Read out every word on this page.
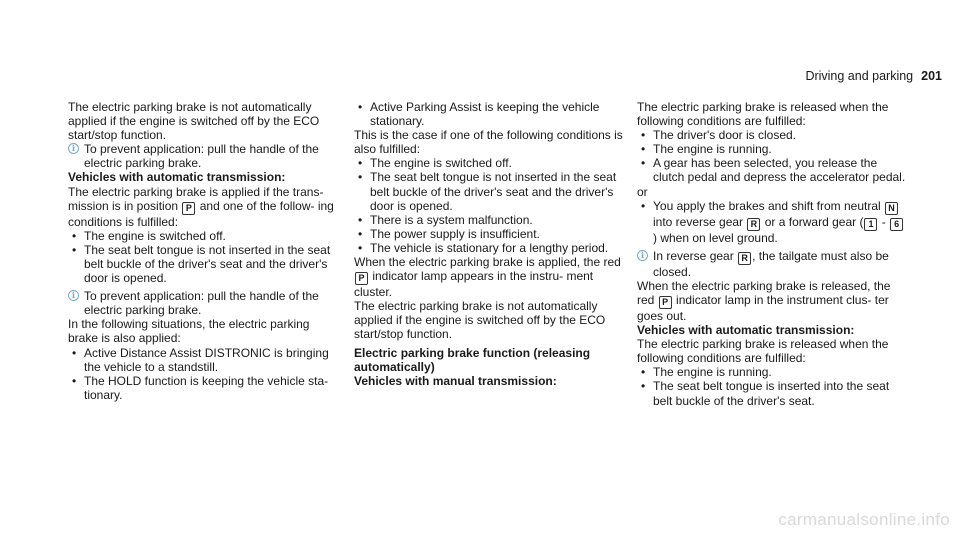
Driving and parking 201

The electric parking brake is not automatically applied if the engine is switched off by the ECO start/stop function.

i To prevent application: pull the handle of the electric parking brake.

Vehicles with automatic transmission:

The electric parking brake is applied if the trans- mission is in position P and one of the follow- ing conditions is fulfilled:

• The engine is switched off.
• The seat belt tongue is not inserted in the seat belt buckle of the driver's seat and the driver's door is opened.
i To prevent application: pull the handle of the electric parking brake.

In the following situations, the electric parking brake is also applied:

• Active Distance Assist DISTRONIC is bringing the vehicle to a standstill.
• The HOLD function is keeping the vehicle sta- tionary.
• Active Parking Assist is keeping the vehicle stationary.

This is the case if one of the following conditions is also fulfilled:

• The engine is switched off.
• The seat belt tongue is not inserted in the seat belt buckle of the driver's seat and the driver's door is opened.
• There is a system malfunction.
• The power supply is insufficient.
• The vehicle is stationary for a lengthy period.

When the electric parking brake is applied, the red P indicator lamp appears in the instru- ment cluster.

The electric parking brake is not automatically applied if the engine is switched off by the ECO start/stop function.

Electric parking brake function (releasing automatically)

Vehicles with manual transmission:

The electric parking brake is released when the following conditions are fulfilled:

• The driver's door is closed.
• The engine is running.
• A gear has been selected, you release the clutch pedal and depress the accelerator pedal.

or

• You apply the brakes and shift from neutral N into reverse gear R or a forward gear ( 1 - 6) when on level ground.
i In reverse gear R , the tailgate must also be closed.

When the electric parking brake is released, the red P indicator lamp in the instrument clus- ter goes out.

Vehicles with automatic transmission:

The electric parking brake is released when the following conditions are fulfilled:

• The engine is running.
• The seat belt tongue is inserted into the seat belt buckle of the driver's seat.
carmanualsonline.info
